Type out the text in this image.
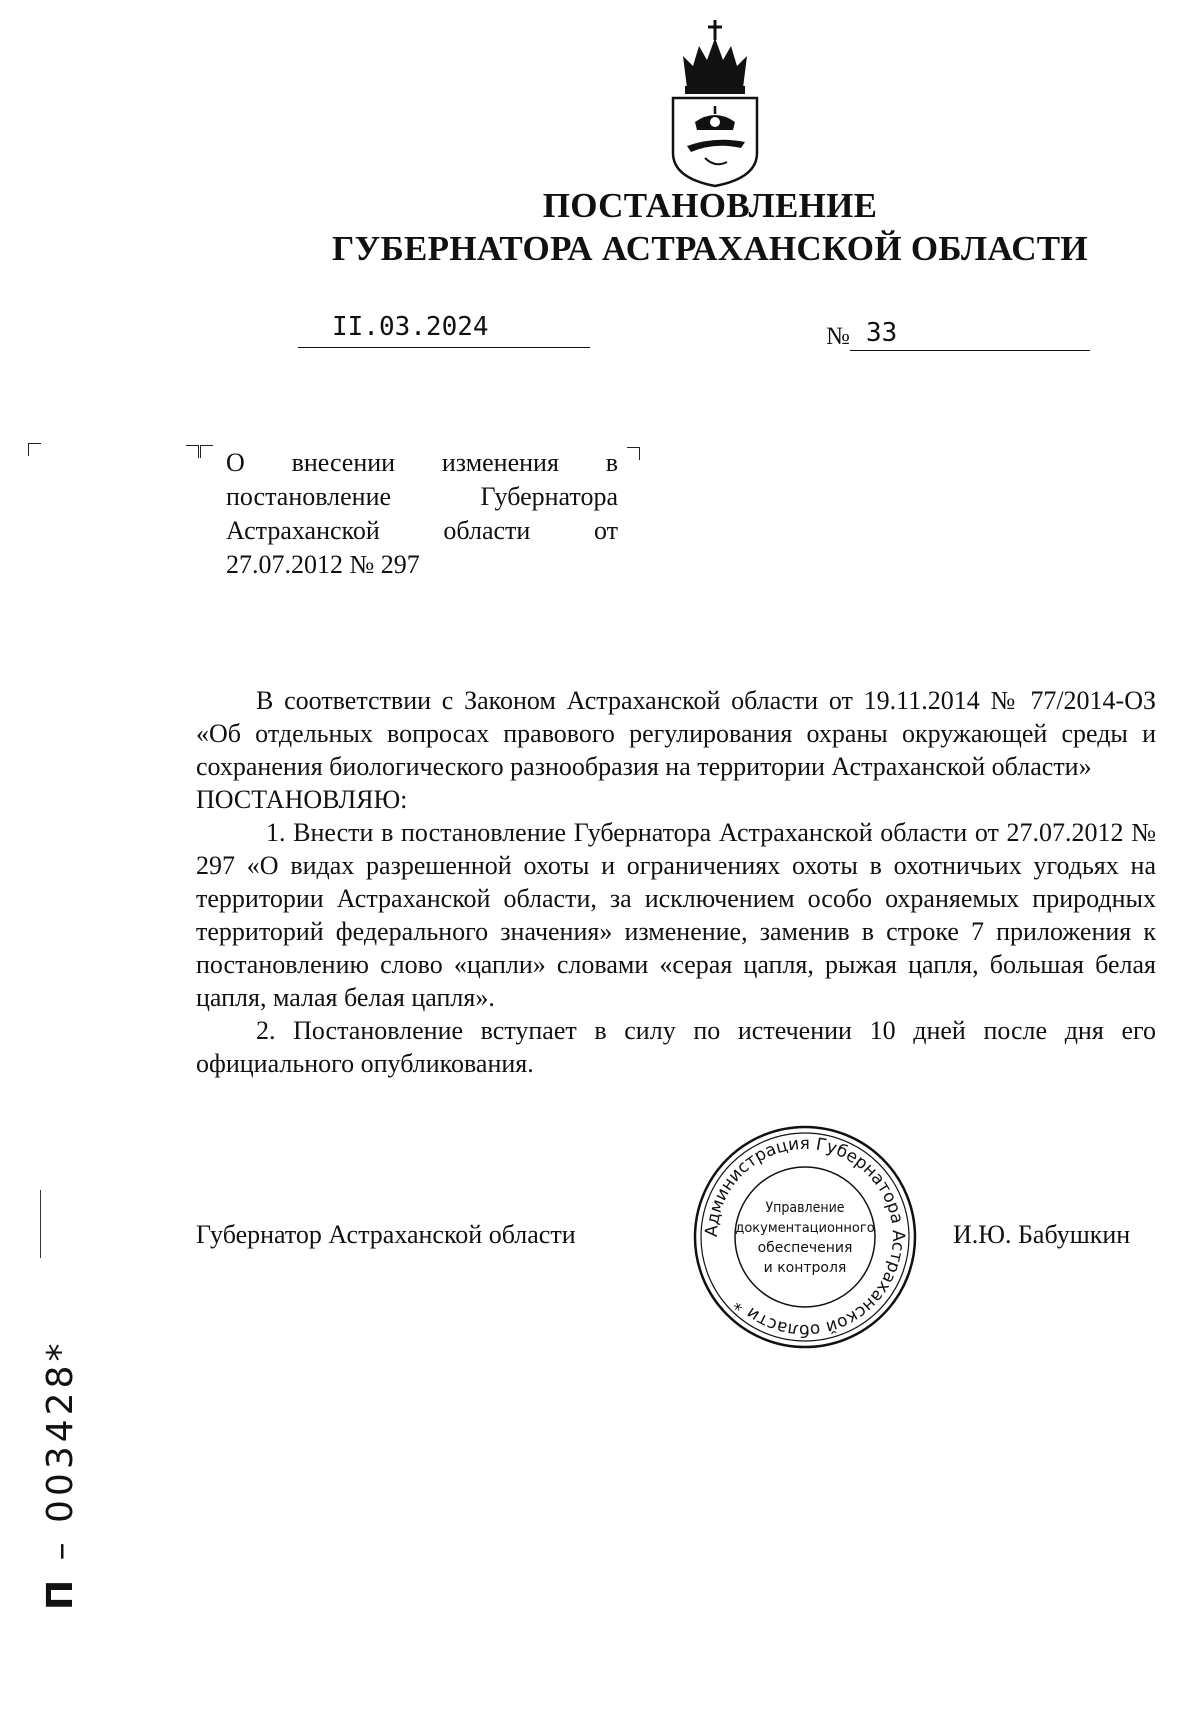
ПОСТАНОВЛЕНИЕ
ГУБЕРНАТОРА АСТРАХАНСКОЙ ОБЛАСТИ
II.03.2024	№ 33

О внесении изменения в постановление Губернатора Астраханской области от 27.07.2012 № 297

В соответствии с Законом Астраханской области от 19.11.2014 № 77/2014-ОЗ «Об отдельных вопросах правового регулирования охраны окружающей среды и сохранения биологического разнообразия на территории Астраханской области»

ПОСТАНОВЛЯЮ:

1. Внести в постановление Губернатора Астраханской области от 27.07.2012 № 297 «О видах разрешенной охоты и ограничениях охоты в охотничьих угодьях на территории Астраханской области, за исключением особо охраняемых природных территорий федерального значения» изменение, заменив в строке 7 приложения к постановлению слово «цапли» словами «серая цапля, рыжая цапля, большая белая цапля, малая белая цапля».

2. Постановление вступает в силу по истечении 10 дней после дня его официального опубликования.

Губернатор Астраханской области	И.Ю. Бабушкин
Администрация Губернатора Астраханской области *
Управление
документационного
обеспечения
и контроля
П – 003428*
